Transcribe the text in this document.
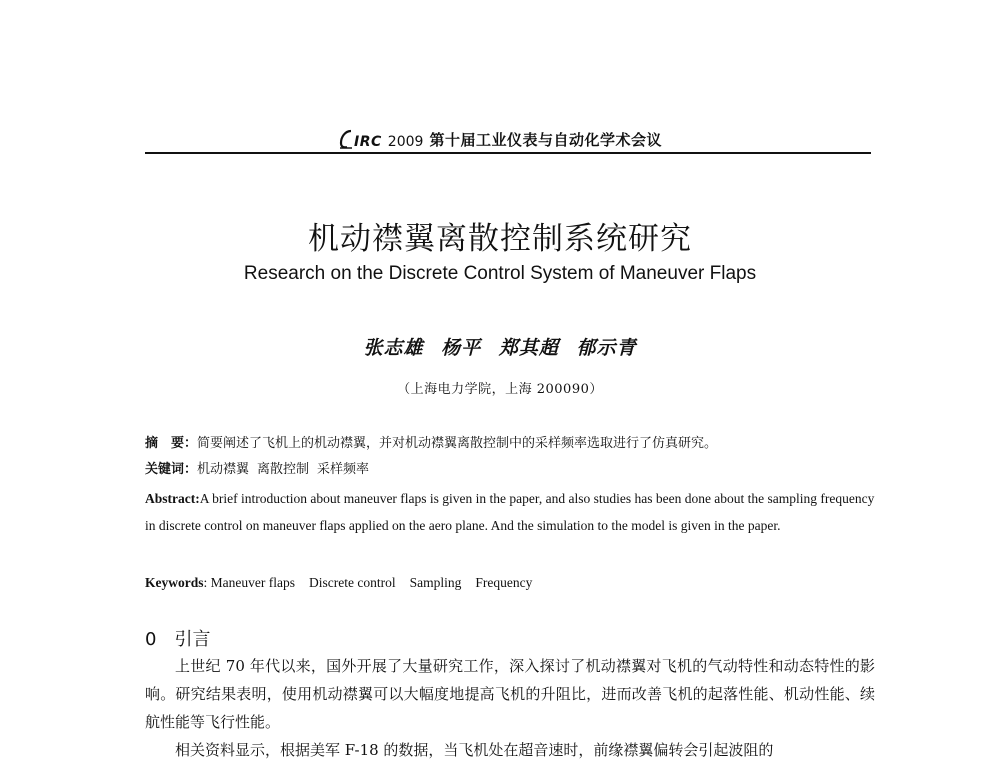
IRC 2009 第十届工业仪表与自动化学术会议
机动襟翼离散控制系统研究
Research on the Discrete Control System of Maneuver Flaps
张志雄 杨平 郑其超 郁示青
（上海电力学院，上海 200090）
摘　要：简要阐述了飞机上的机动襟翼，并对机动襟翼离散控制中的采样频率选取进行了仿真研究。
关键词：机动襟翼 离散控制 采样频率
Abstract:A brief introduction about maneuver flaps is given in the paper, and also studies has been done about the sampling frequency in discrete control on maneuver flaps applied on the aero plane. And the simulation to the model is given in the paper.
Keywords: Maneuver flaps Discrete control Sampling Frequency
0 引言
上世纪 70 年代以来，国外开展了大量研究工作，深入探讨了机动襟翼对飞机的气动特性和动态特性的影响。研究结果表明，使用机动襟翼可以大幅度地提高飞机的升阻比，进而改善飞机的起落性能、机动性能、续航性能等飞行性能。
相关资料显示，根据美军 F-18 的数据，当飞机处在超音速时，前缘襟翼偏转会引起波阻的
